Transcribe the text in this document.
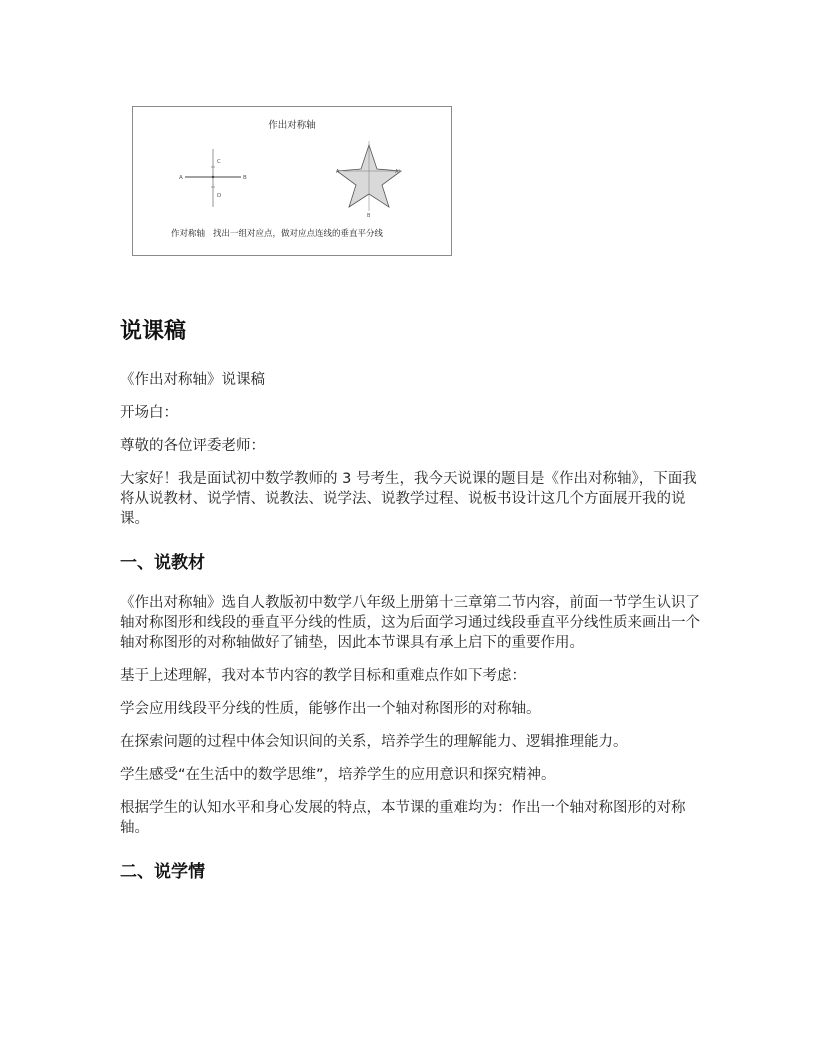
作出对称轴
C
D
A	B
A	A'
B
作对称轴 找出一组对应点，做对应点连线的垂直平分线
说课稿

《作出对称轴》说课稿

开场白：

尊敬的各位评委老师：

大家好！我是面试初中数学教师的 3 号考生，我今天说课的题目是《作出对称轴》，下面我将从说教材、说学情、说教法、说学法、说教学过程、说板书设计这几个方面展开我的说课。

一、说教材

《作出对称轴》选自人教版初中数学八年级上册第十三章第二节内容，前面一节学生认识了轴对称图形和线段的垂直平分线的性质，这为后面学习通过线段垂直平分线性质来画出一个轴对称图形的对称轴做好了铺垫，因此本节课具有承上启下的重要作用。

基于上述理解，我对本节内容的教学目标和重难点作如下考虑：

学会应用线段平分线的性质，能够作出一个轴对称图形的对称轴。

在探索问题的过程中体会知识间的关系，培养学生的理解能力、逻辑推理能力。

学生感受“在生活中的数学思维”，培养学生的应用意识和探究精神。

根据学生的认知水平和身心发展的特点，本节课的重难均为：作出一个轴对称图形的对称轴。

二、说学情
